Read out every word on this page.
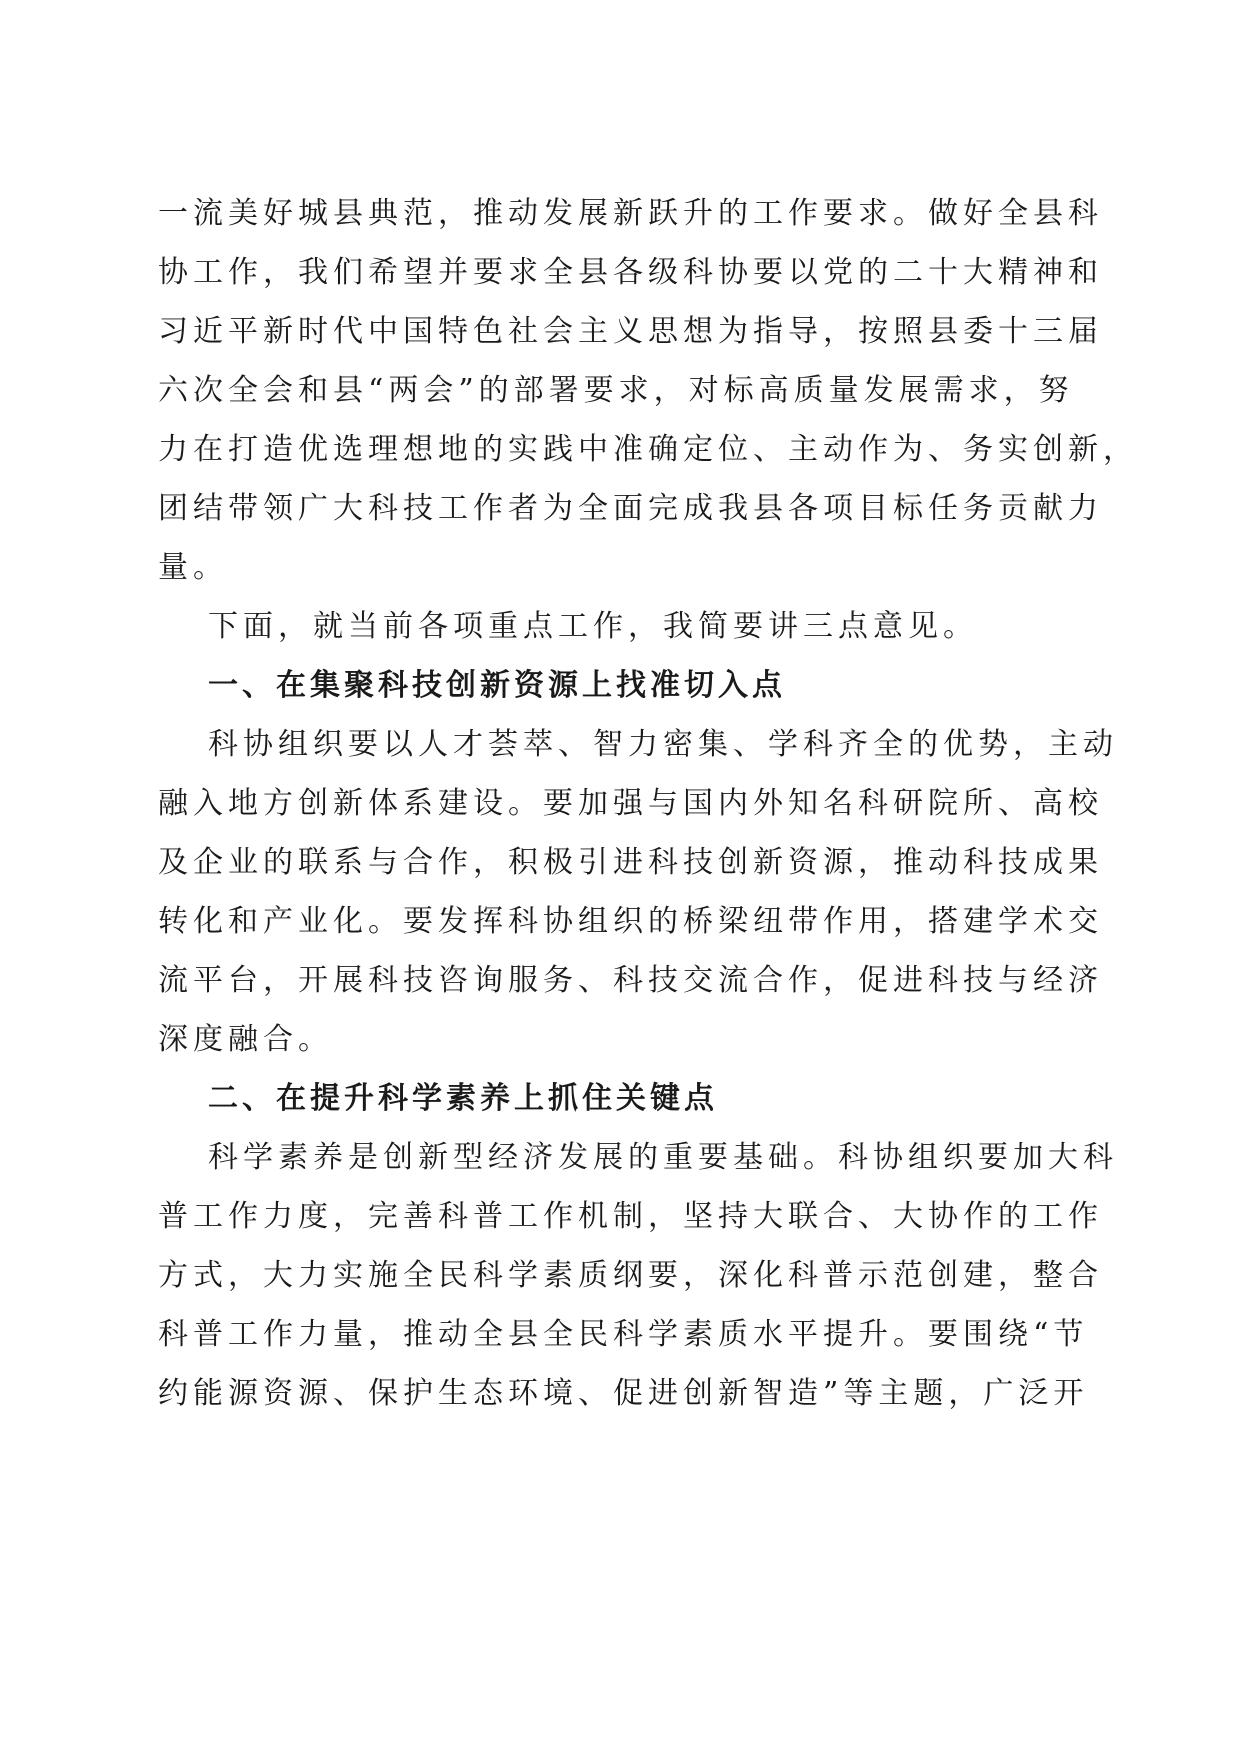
一流美好城县典范，推动发展新跃升的工作要求。做好全县科
协工作，我们希望并要求全县各级科协要以党的二十大精神和
习近平新时代中国特色社会主义思想为指导，按照县委十三届
六次全会和县“两会”的部署要求，对标高质量发展需求，努
力在打造优选理想地的实践中准确定位、主动作为、务实创新，
团结带领广大科技工作者为全面完成我县各项目标任务贡献力
量。
下面，就当前各项重点工作，我简要讲三点意见。
一、在集聚科技创新资源上找准切入点
科协组织要以人才荟萃、智力密集、学科齐全的优势，主动
融入地方创新体系建设。要加强与国内外知名科研院所、高校
及企业的联系与合作，积极引进科技创新资源，推动科技成果
转化和产业化。要发挥科协组织的桥梁纽带作用，搭建学术交
流平台，开展科技咨询服务、科技交流合作，促进科技与经济
深度融合。
二、在提升科学素养上抓住关键点
科学素养是创新型经济发展的重要基础。科协组织要加大科
普工作力度，完善科普工作机制，坚持大联合、大协作的工作
方式，大力实施全民科学素质纲要，深化科普示范创建，整合
科普工作力量，推动全县全民科学素质水平提升。要围绕“节
约能源资源、保护生态环境、促进创新智造”等主题，广泛开
